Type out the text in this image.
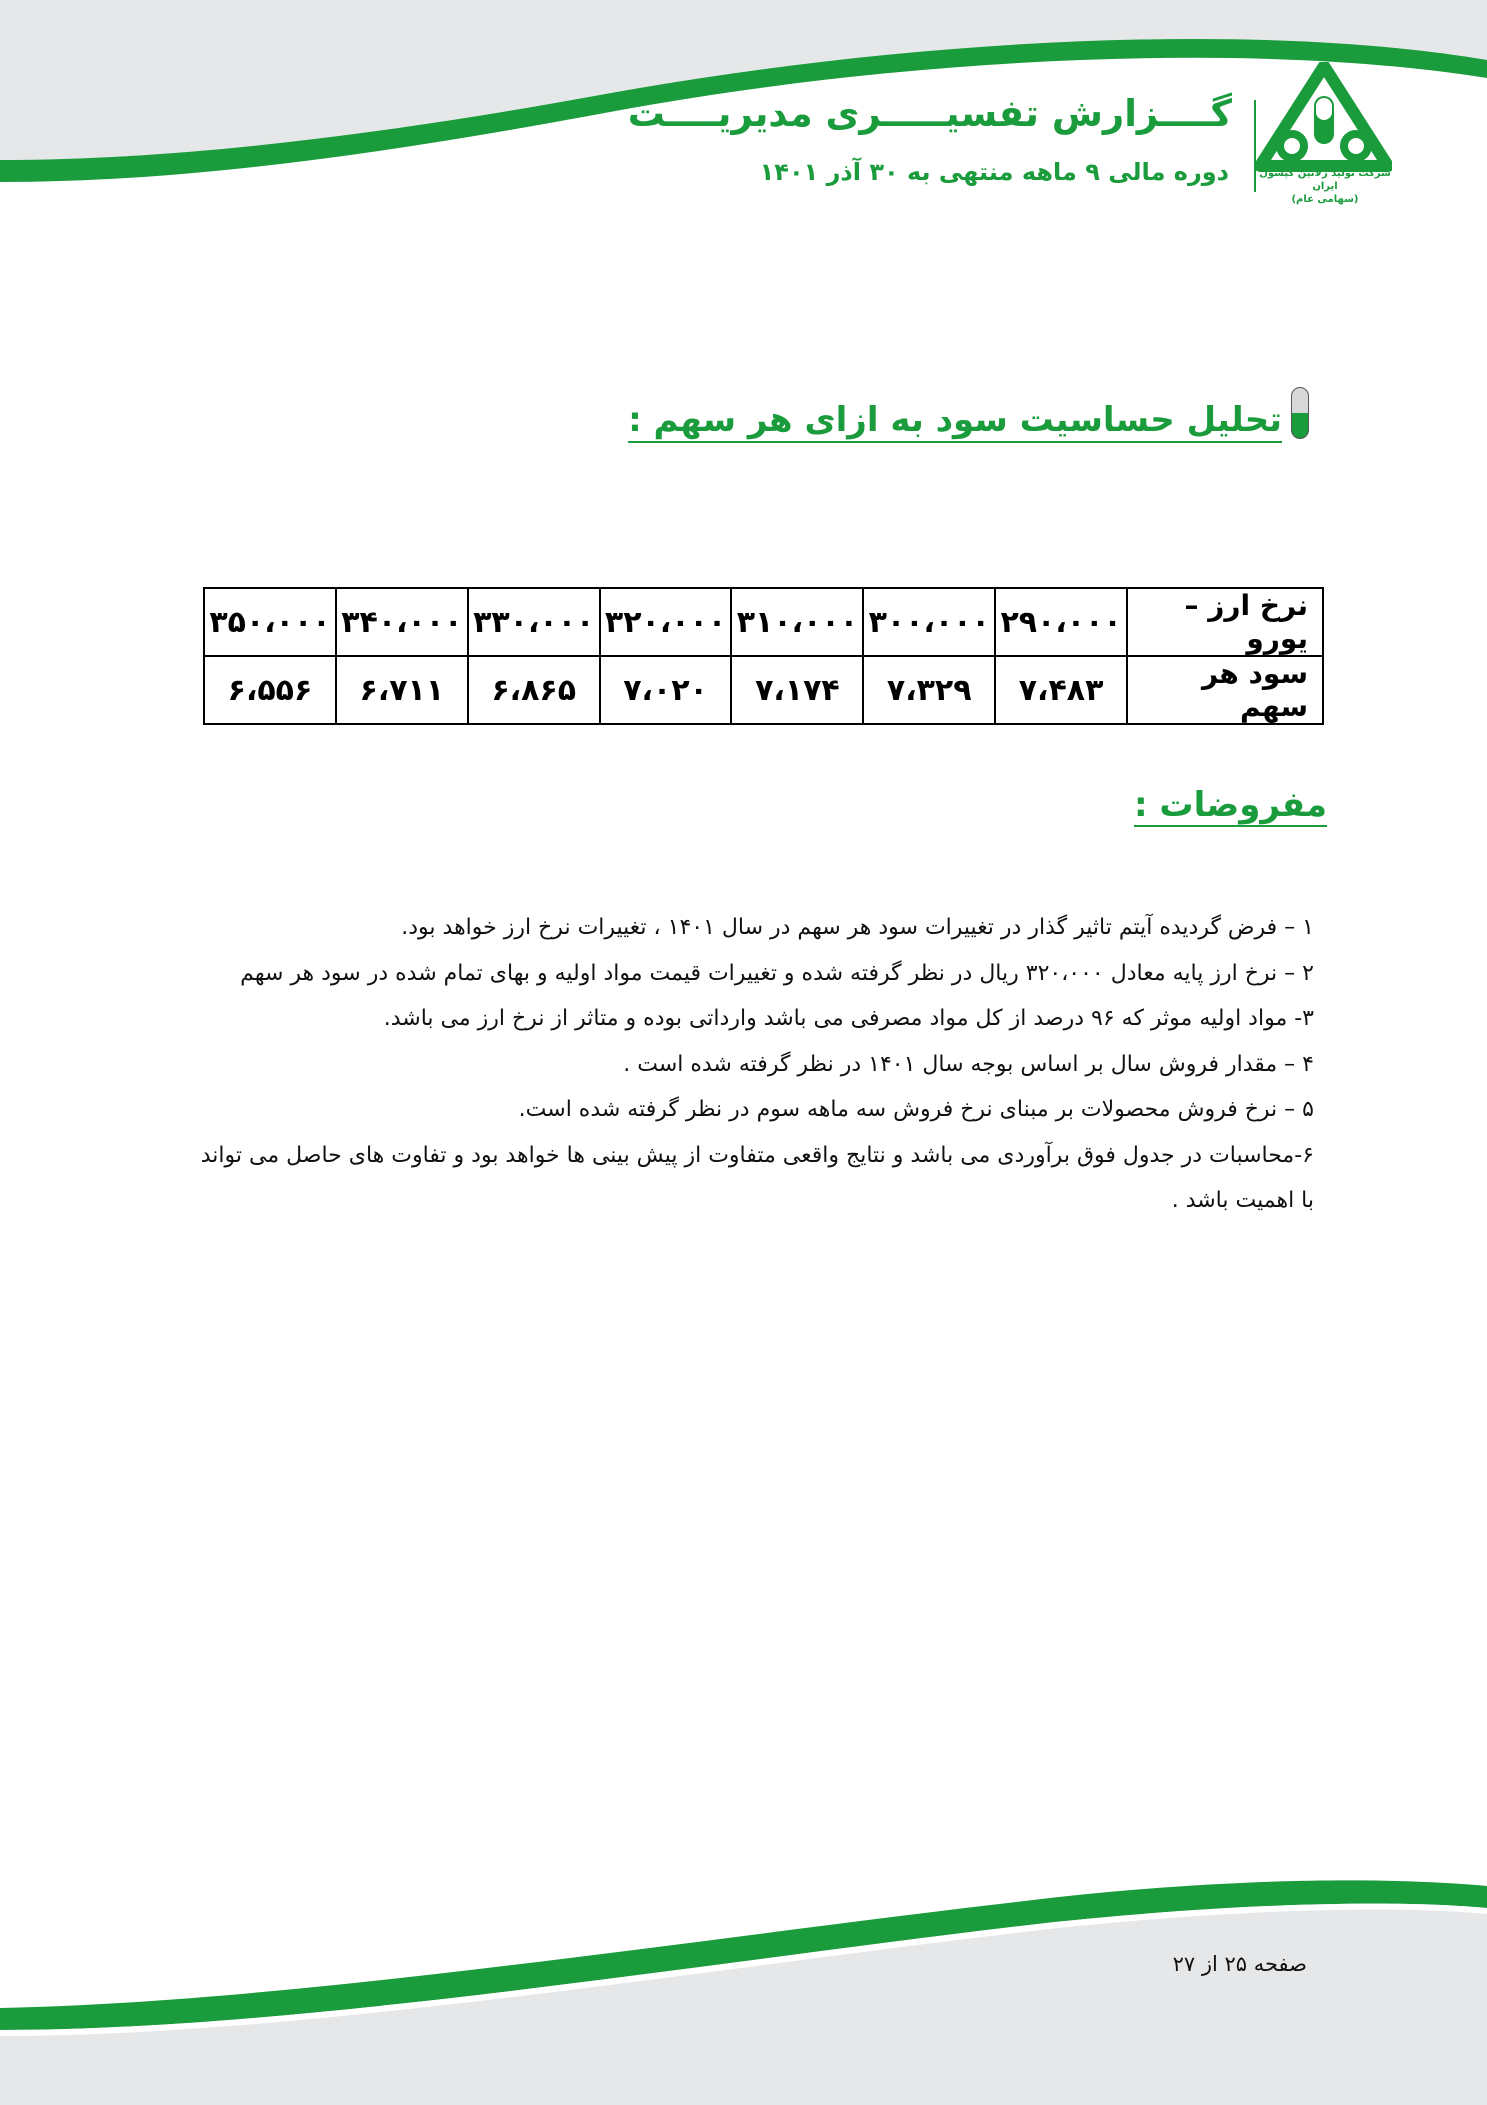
گــــزارش تفسیـــــری مدیریــــت
دوره مالی ۹ ماهه منتهی به ۳۰ آذر ۱۴۰۱	شرکت تولید ژلاتین کپسول ایران
(سهامی عام)
تحلیل حساسیت سود به ازای هر سهم :
نرخ ارز – یورو	۲۹۰،۰۰۰	۳۰۰،۰۰۰	۳۱۰،۰۰۰	۳۲۰،۰۰۰	۳۳۰،۰۰۰	۳۴۰،۰۰۰	۳۵۰،۰۰۰
سود هر سهم	۷،۴۸۳	۷،۳۲۹	۷،۱۷۴	۷،۰۲۰	۶،۸۶۵	۶،۷۱۱	۶،۵۵۶
مفروضات :

۱ – فرض گردیده آیتم تاثیر گذار در تغییرات سود هر سهم در سال ۱۴۰۱ ، تغییرات نرخ ارز خواهد بود.

۲ – نرخ ارز پایه معادل ۳۲۰،۰۰۰ ریال در نظر گرفته شده و تغییرات قیمت مواد اولیه و بهای تمام شده در سود هر سهم

۳- مواد اولیه موثر که ۹۶ درصد از کل مواد مصرفی می باشد وارداتی بوده و متاثر از نرخ ارز می باشد.

۴ – مقدار فروش سال بر اساس بوجه سال ۱۴۰۱ در نظر گرفته شده است .

۵ – نرخ فروش محصولات بر مبنای نرخ فروش سه ماهه سوم در نظر گرفته شده است.

۶-محاسبات در جدول فوق برآوردی می باشد و نتایج واقعی متفاوت از پیش بینی ها خواهد بود و تفاوت های حاصل می تواند

با اهمیت باشد .

صفحه ۲۵ از ۲۷
